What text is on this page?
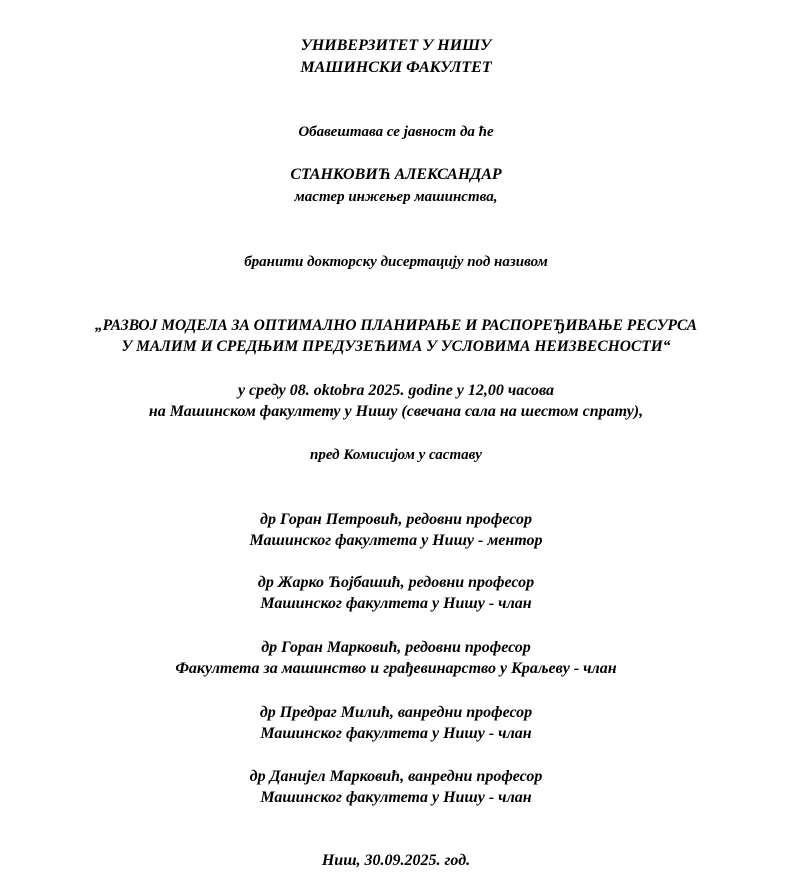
УНИВЕРЗИТЕТ У НИШУ
МАШИНСКИ ФАКУЛТЕТ
Обавештава се јавност да ће
СТАНКОВИЋ АЛЕКСАНДАР
мастер инжењер машинства,
бранити докторску дисертацију под називом
„РАЗВОЈ МОДЕЛА ЗА ОПТИМАЛНО ПЛАНИРАЊЕ И РАСПОРЕЂИВАЊЕ РЕСУРСА
У МАЛИМ И СРЕДЊИМ ПРЕДУЗЕЋИМА У УСЛОВИМА НЕИЗВЕСНОСТИ“
у среду 08. oktobra 2025. godine у 12,00 часова
на Машинском факултету у Нишу (свечана сала на шестом спрату),
пред Комисијом у саставу
др Горан Петровић, редовни професор
Машинског факултета у Нишу - ментор
др Жарко Ћојбашић, редовни професор
Машинског факултета у Нишу - члан
др Горан Марковић, редовни професор
Факултета за машинство и грађевинарство у Краљеву - члан
др Предраг Милић, ванредни професор
Машинског факултета у Нишу - члан
др Данијел Марковић, ванредни професор
Машинског факултета у Нишу - члан
Ниш, 30.09.2025. год.
